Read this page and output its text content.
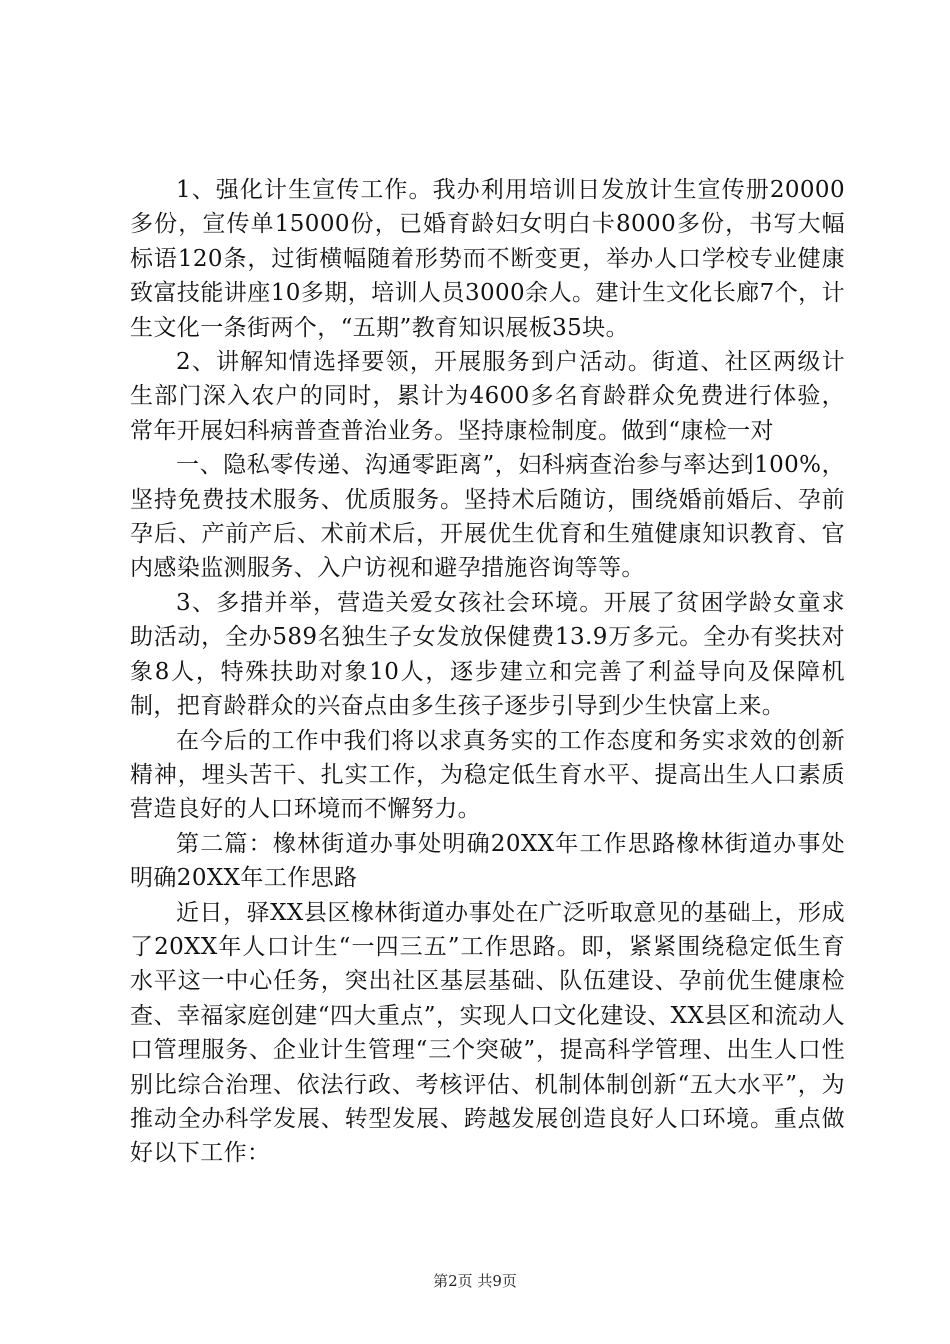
1、强化计生宣传工作。我办利用培训日发放计生宣传册20000多份，宣传单15000份，已婚育龄妇女明白卡8000多份，书写大幅标语120条，过街横幅随着形势而不断变更，举办人口学校专业健康致富技能讲座10多期，培训人员3000余人。建计生文化长廊7个，计生文化一条街两个，“五期”教育知识展板35块。

2、讲解知情选择要领，开展服务到户活动。街道、社区两级计生部门深入农户的同时，累计为4600多名育龄群众免费进行体验，常年开展妇科病普查普治业务。坚持康检制度。做到“康检一对

一、隐私零传递、沟通零距离”，妇科病查治参与率达到100%，坚持免费技术服务、优质服务。坚持术后随访，围绕婚前婚后、孕前孕后、产前产后、术前术后，开展优生优育和生殖健康知识教育、官内感染监测服务、入户访视和避孕措施咨询等等。

3、多措并举，营造关爱女孩社会环境。开展了贫困学龄女童求助活动，全办589名独生子女发放保健费13.9万多元。全办有奖扶对象8人，特殊扶助对象10人，逐步建立和完善了利益导向及保障机制，把育龄群众的兴奋点由多生孩子逐步引导到少生快富上来。

在今后的工作中我们将以求真务实的工作态度和务实求效的创新精神，埋头苦干、扎实工作，为稳定低生育水平、提高出生人口素质营造良好的人口环境而不懈努力。

第二篇：橡林街道办事处明确20XX年工作思路橡林街道办事处明确20XX年工作思路

近日，驿XX县区橡林街道办事处在广泛听取意见的基础上，形成了20XX年人口计生“一四三五”工作思路。即，紧紧围绕稳定低生育水平这一中心任务，突出社区基层基础、队伍建设、孕前优生健康检查、幸福家庭创建“四大重点”，实现人口文化建设、XX县区和流动人口管理服务、企业计生管理“三个突破”，提高科学管理、出生人口性别比综合治理、依法行政、考核评估、机制体制创新“五大水平”，为推动全办科学发展、转型发展、跨越发展创造良好人口环境。重点做好以下工作：

第2页 共9页
